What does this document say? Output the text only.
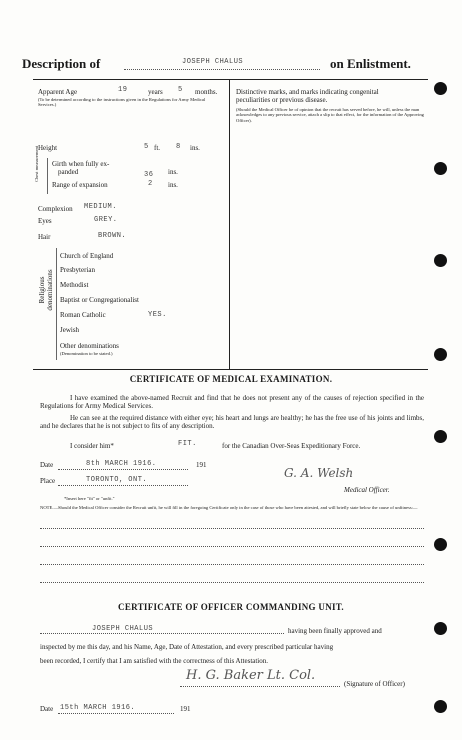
Description of	JOSEPH CHALUS	on Enlistment.
Apparent Age	19	years 5 months.
(To be determined according to the instructions given in the Regulations for Army Medical Services.)
Height	5 ft. 8 ins.
Chest measurement Girth when fully ex-
panded	36 ins.
Range of expansion	2 ins.
Complexion MEDIUM.
Eyes	GREY.
Hair	BROWN.
Religious denominations
Church of England
Presbyterian
Methodist
Baptist or Congregationalist
Roman Catholic	YES.
Jewish
Other denominations
(Denomination to be stated.)
Distinctive marks, and marks indicating congenital
peculiarities or previous disease.
(Should the Medical Officer be of opinion that the recruit has served before, he will, unless the man acknowledges to any previous service, attach a slip to that effect, for the information of the Approving Officer).
CERTIFICATE OF MEDICAL EXAMINATION.
I have examined the above-named Recruit and find that he does not present any of the causes of rejection specified in the Regulations for Army Medical Services.
He can see at the required distance with either eye; his heart and lungs are healthy; he has the free use of his joints and limbs, and he declares that he is not subject to fits of any description.
I consider him*	FIT.	for the Canadian Over-Seas Expeditionary Force.
Date	8th MARCH 1916.	191
Place	TORONTO, ONT.	G. A. Welsh
Medical Officer.
*Insert here "fit" or "unfit."
NOTE.—Should the Medical Officer consider the Recruit unfit, he will fill in the foregoing Certificate only in the case of those who have been attested, and will briefly state below the cause of unfitness:—
CERTIFICATE OF OFFICER COMMANDING UNIT.
JOSEPH CHALUS	having been finally approved and
inspected by me this day, and his Name, Age, Date of Attestation, and every prescribed particular having
been recorded, I certify that I am satisfied with the correctness of this Attestation.
H. G. Baker Lt. Col.
(Signature of Officer)
Date 15th MARCH 1916.	191
